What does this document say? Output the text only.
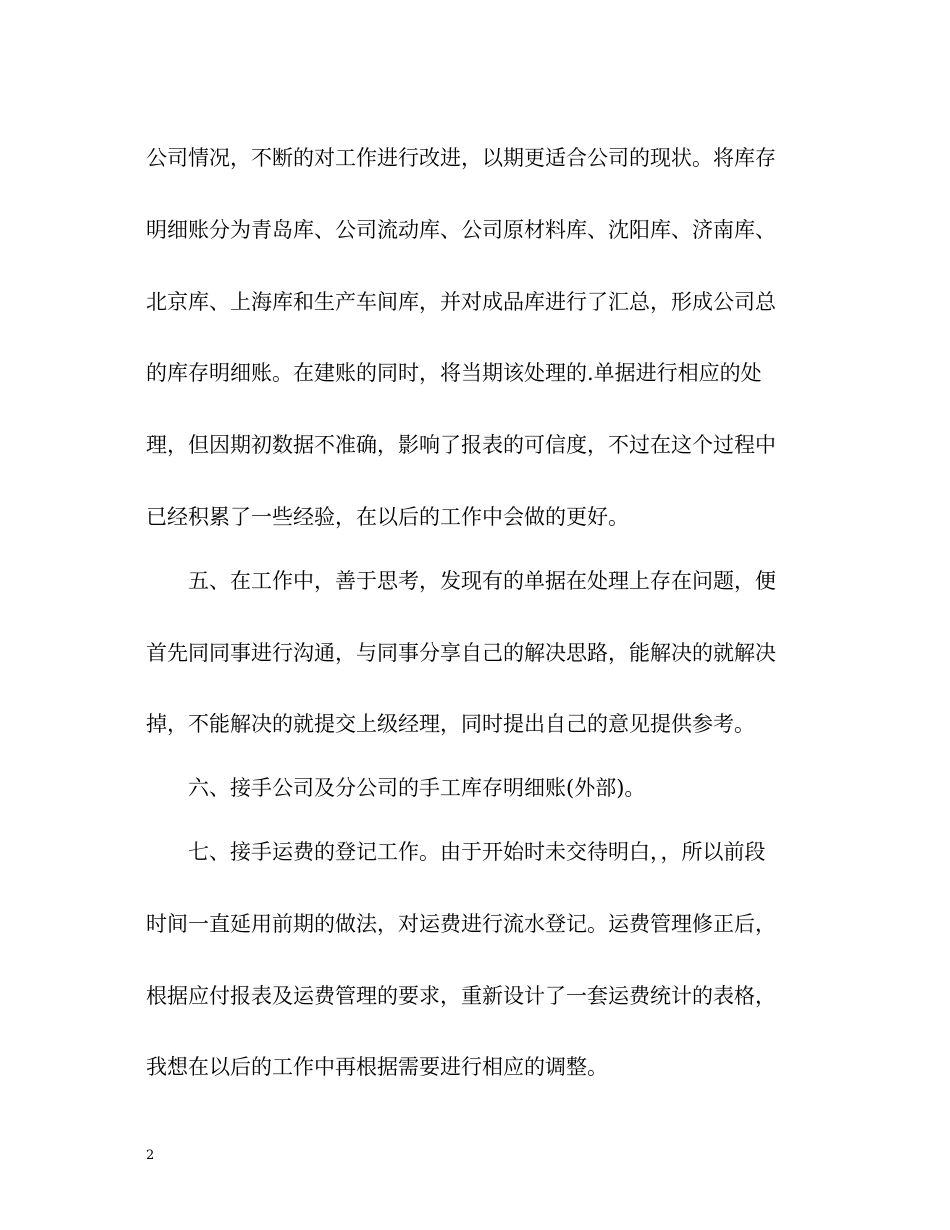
公司情况，不断的对工作进行改进，以期更适合公司的现状。将库存
明细账分为青岛库、公司流动库、公司原材料库、沈阳库、济南库、
北京库、上海库和生产车间库，并对成品库进行了汇总，形成公司总
的库存明细账。在建账的同时，将当期该处理的.单据进行相应的处
理，但因期初数据不准确，影响了报表的可信度，不过在这个过程中
已经积累了一些经验，在以后的工作中会做的更好。
五、在工作中，善于思考，发现有的单据在处理上存在问题，便
首先同同事进行沟通，与同事分享自己的解决思路，能解决的就解决
掉，不能解决的就提交上级经理，同时提出自己的意见提供参考。
六、接手公司及分公司的手工库存明细账(外部)。
七、接手运费的登记工作。由于开始时未交待明白，，所以前段
时间一直延用前期的做法，对运费进行流水登记。运费管理修正后，
根据应付报表及运费管理的要求，重新设计了一套运费统计的表格，
我想在以后的工作中再根据需要进行相应的调整。
2
